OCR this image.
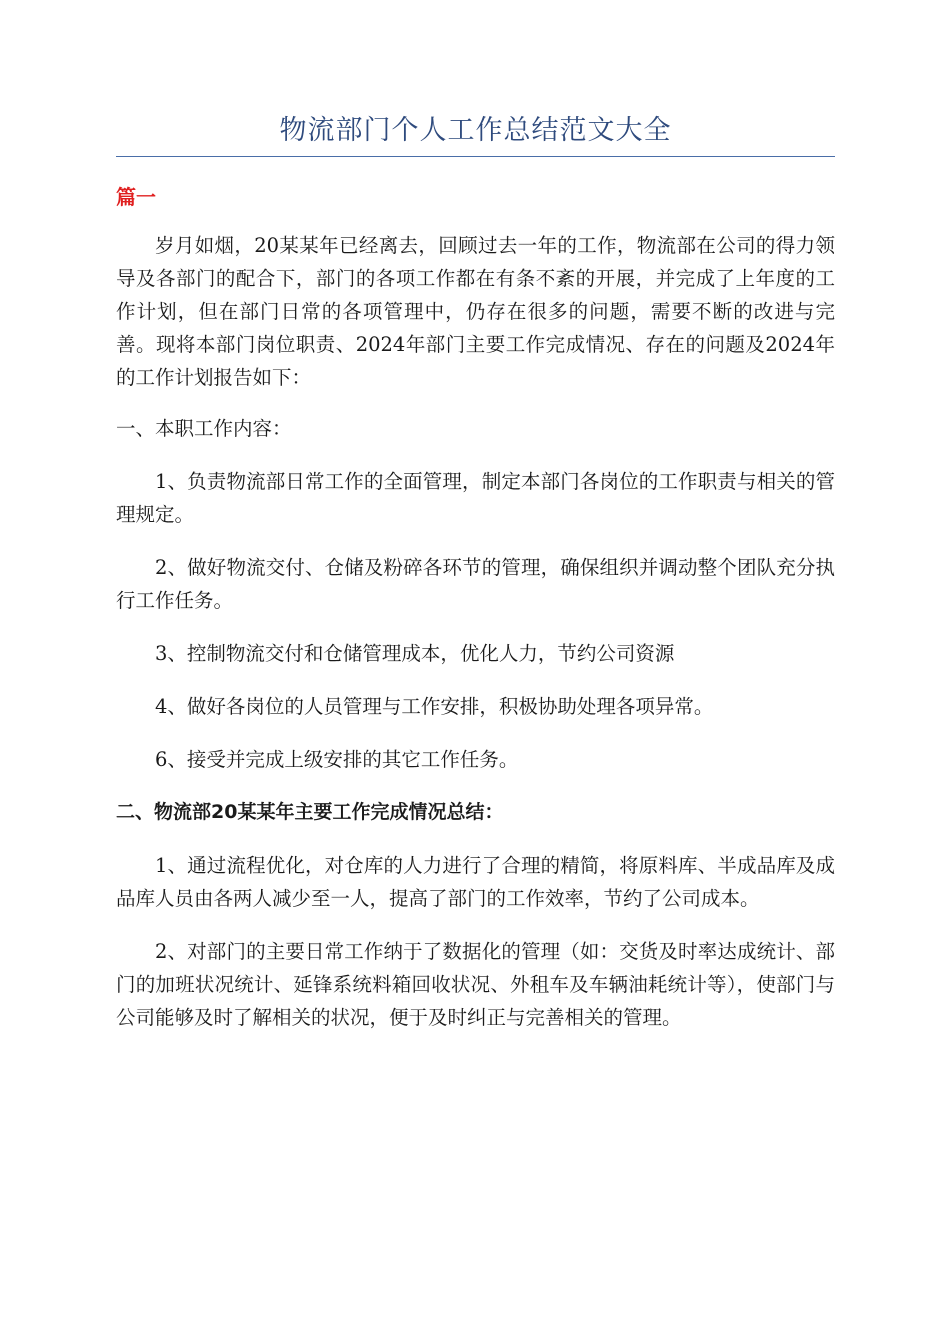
物流部门个人工作总结范文大全
篇一

岁月如烟，20某某年已经离去，回顾过去一年的工作，物流部在公司的得力领导及各部门的配合下，部门的各项工作都在有条不紊的开展，并完成了上年度的工作计划，但在部门日常的各项管理中，仍存在很多的问题，需要不断的改进与完善。现将本部门岗位职责、2024年部门主要工作完成情况、存在的问题及2024年的工作计划报告如下：

一、本职工作内容：

1、负责物流部日常工作的全面管理，制定本部门各岗位的工作职责与相关的管理规定。

2、做好物流交付、仓储及粉碎各环节的管理，确保组织并调动整个团队充分执行工作任务。

3、控制物流交付和仓储管理成本，优化人力，节约公司资源

4、做好各岗位的人员管理与工作安排，积极协助处理各项异常。

6、接受并完成上级安排的其它工作任务。

二、物流部20某某年主要工作完成情况总结：

1、通过流程优化，对仓库的人力进行了合理的精简，将原料库、半成品库及成品库人员由各两人减少至一人，提高了部门的工作效率，节约了公司成本。

2、对部门的主要日常工作纳于了数据化的管理（如：交货及时率达成统计、部门的加班状况统计、延锋系统料箱回收状况、外租车及车辆油耗统计等），使部门与公司能够及时了解相关的状况，便于及时纠正与完善相关的管理。
